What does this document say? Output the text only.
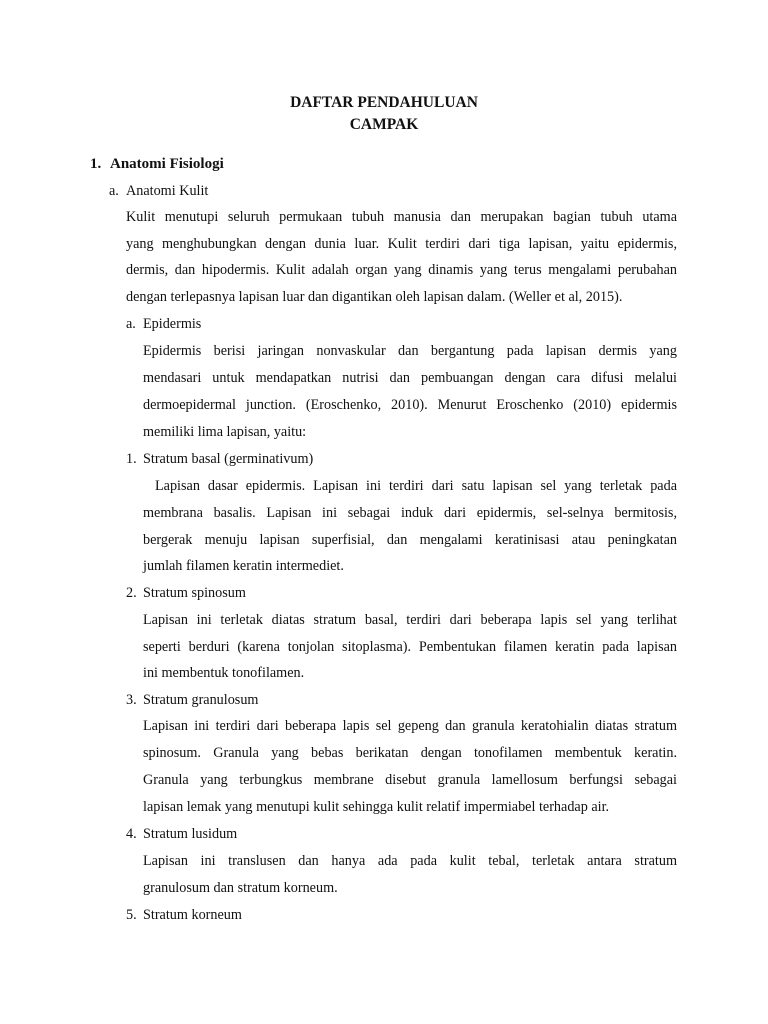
DAFTAR PENDAHULUAN
CAMPAK
1. Anatomi Fisiologi
a. Anatomi Kulit
Kulit menutupi seluruh permukaan tubuh manusia dan merupakan bagian tubuh utama
yang menghubungkan dengan dunia luar. Kulit terdiri dari tiga lapisan, yaitu epidermis,
dermis, dan hipodermis. Kulit adalah organ yang dinamis yang terus mengalami perubahan
dengan terlepasnya lapisan luar dan digantikan oleh lapisan dalam. (Weller et al, 2015).
a. Epidermis
Epidermis berisi jaringan nonvaskular dan bergantung pada lapisan dermis yang
mendasari untuk mendapatkan nutrisi dan pembuangan dengan cara difusi melalui
dermoepidermal junction. (Eroschenko, 2010). Menurut Eroschenko (2010) epidermis
memiliki lima lapisan, yaitu:
1. Stratum basal (germinativum)
Lapisan dasar epidermis. Lapisan ini terdiri dari satu lapisan sel yang terletak pada
membrana basalis. Lapisan ini sebagai induk dari epidermis, sel-selnya bermitosis,
bergerak menuju lapisan superfisial, dan mengalami keratinisasi atau peningkatan
jumlah filamen keratin intermediet.
2. Stratum spinosum
Lapisan ini terletak diatas stratum basal, terdiri dari beberapa lapis sel yang terlihat
seperti berduri (karena tonjolan sitoplasma). Pembentukan filamen keratin pada lapisan
ini membentuk tonofilamen.
3. Stratum granulosum
Lapisan ini terdiri dari beberapa lapis sel gepeng dan granula keratohialin diatas stratum
spinosum. Granula yang bebas berikatan dengan tonofilamen membentuk keratin.
Granula yang terbungkus membrane disebut granula lamellosum berfungsi sebagai
lapisan lemak yang menutupi kulit sehingga kulit relatif impermiabel terhadap air.
4. Stratum lusidum
Lapisan ini translusen dan hanya ada pada kulit tebal, terletak antara stratum
granulosum dan stratum korneum.
5. Stratum korneum
